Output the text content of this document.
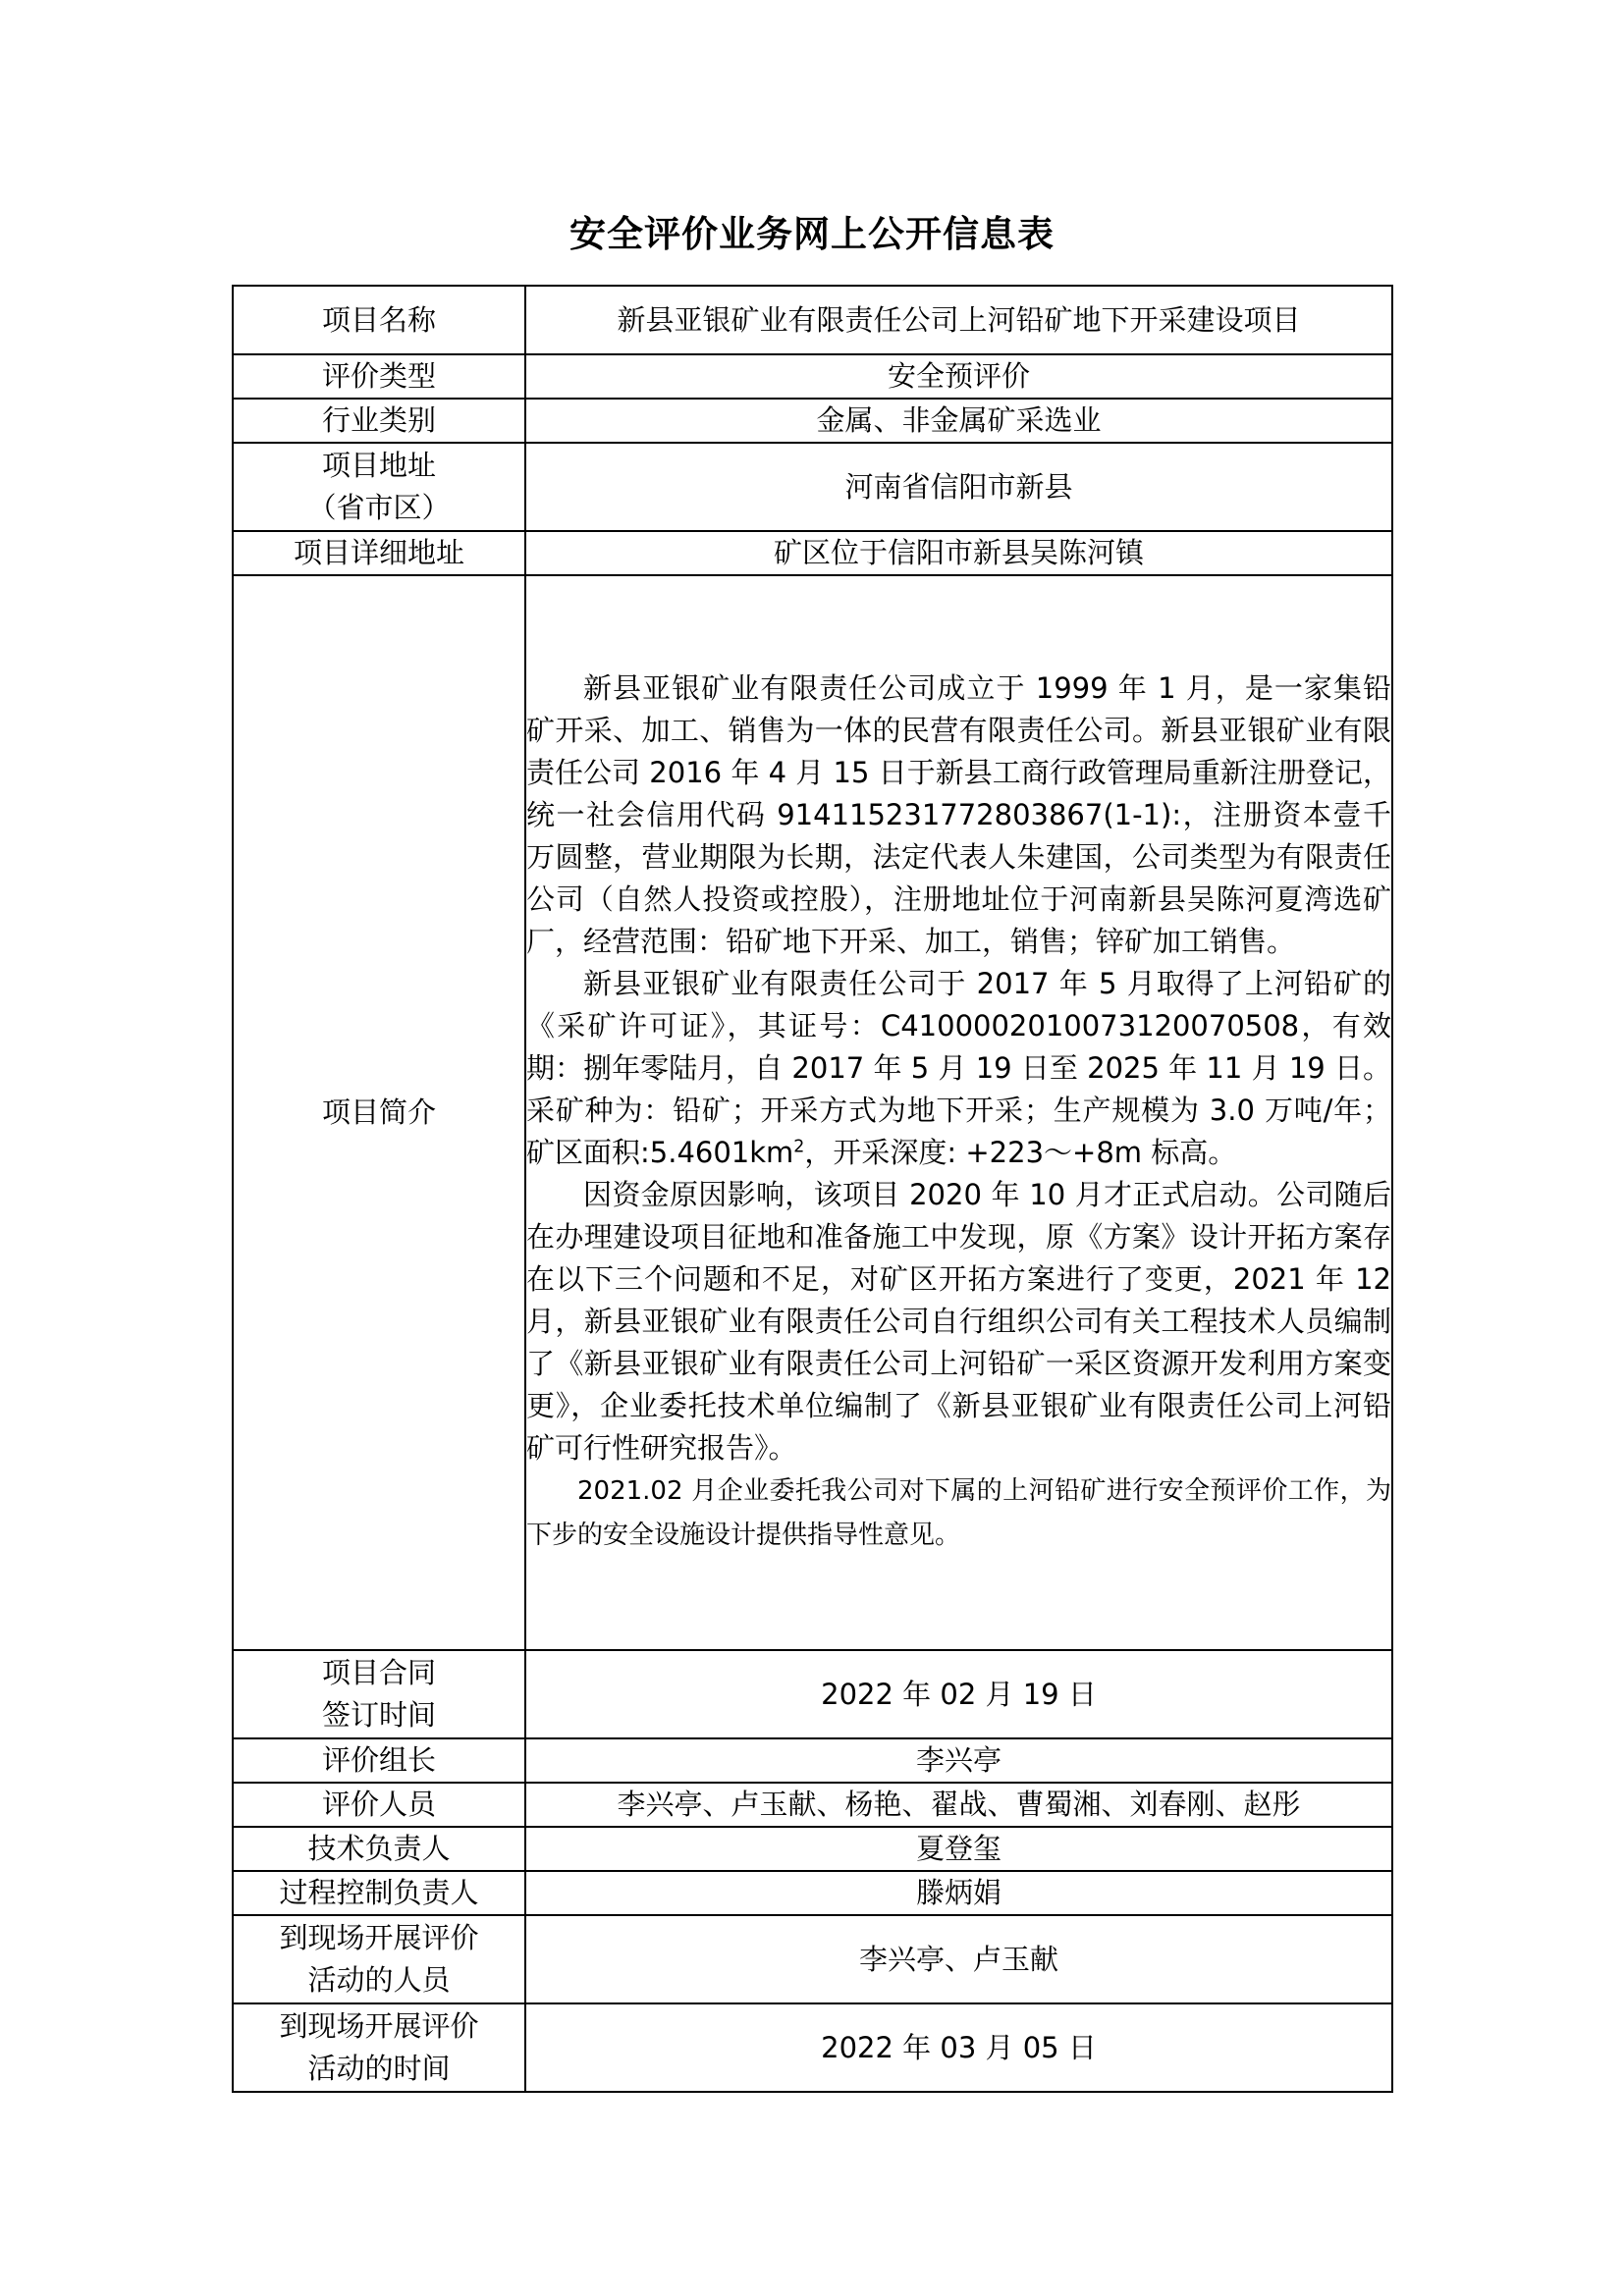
安全评价业务网上公开信息表
项目名称	新县亚银矿业有限责任公司上河铅矿地下开采建设项目
评价类型	安全预评价
行业类别	金属、非金属矿采选业

项目地址
（省市区）	河南省信阳市新县
项目详细地址	矿区位于信阳市新县吴陈河镇
项目简介	新县亚银矿业有限责任公司成立于 1999 年 1 月，是一家集铅矿开采、加工、销售为一体的民营有限责任公司。新县亚银矿业有限责任公司 2016 年 4 月 15 日于新县工商行政管理局重新注册登记，统一社会信用代码 914115231772803867(1-1):，注册资本壹千万圆整，营业期限为长期，法定代表人朱建国，公司类型为有限责任公司（自然人投资或控股），注册地址位于河南新县吴陈河夏湾选矿厂，经营范围：铅矿地下开采、加工，销售；锌矿加工销售。

新县亚银矿业有限责任公司于 2017 年 5 月取得了上河铅矿的《采矿许可证》，其证号：C4100002010073120070508，有效期：捌年零陆月，自 2017 年 5 月 19 日至 2025 年 11 月 19 日。采矿种为：铅矿；开采方式为地下开采；生产规模为 3.0 万吨/年；矿区面积$:5.4601km^2$，开采深度: +223～+8m 标高。

因资金原因影响，该项目 2020 年 10 月才正式启动。公司随后在办理建设项目征地和准备施工中发现，原《方案》设计开拓方案存在以下三个问题和不足，对矿区开拓方案进行了变更，2021 年 12 月，新县亚银矿业有限责任公司自行组织公司有关工程技术人员编制了《新县亚银矿业有限责任公司上河铅矿一采区资源开发利用方案变更》，企业委托技术单位编制了《新县亚银矿业有限责任公司上河铅矿可行性研究报告》。

2021.02 月企业委托我公司对下属的上河铅矿进行安全预评价工作，为下步的安全设施设计提供指导性意见。

项目合同
签订时间	2022 年 02 月 19 日
评价组长	李兴亭
评价人员	李兴亭、卢玉献、杨艳、翟战、曹蜀湘、刘春刚、赵彤
技术负责人	夏登玺
过程控制负责人	滕炳娟

到现场开展评价
活动的人员	李兴亭、卢玉献

到现场开展评价
活动的时间	2022 年 03 月 05 日
